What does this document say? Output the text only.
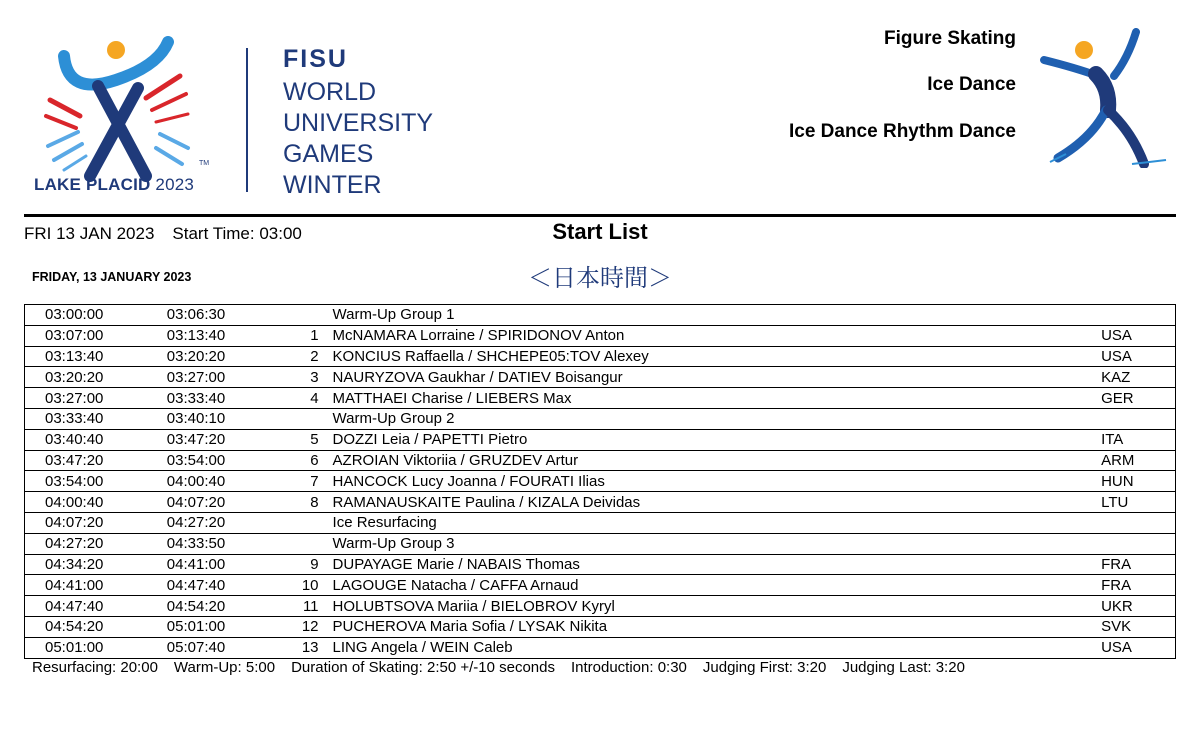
LAKE PLACID 2023
TM
FISU
WORLD
UNIVERSITY
GAMES
WINTER
Figure Skating
Ice Dance
Ice Dance Rhythm Dance
FRI 13 JAN 2023 Start Time: 03:00	Start List
FRIDAY, 13 JANUARY 2023	＜日本時間＞
03:00:00	03:06:30		Warm-Up Group 1	
03:07:00	03:13:40	1	McNAMARA Lorraine / SPIRIDONOV Anton	USA
03:13:40	03:20:20	2	KONCIUS Raffaella / SHCHEPE05:TOV Alexey	USA
03:20:20	03:27:00	3	NAURYZOVA Gaukhar / DATIEV Boisangur	KAZ
03:27:00	03:33:40	4	MATTHAEI Charise / LIEBERS Max	GER
03:33:40	03:40:10		Warm-Up Group 2	
03:40:40	03:47:20	5	DOZZI Leia / PAPETTI Pietro	ITA
03:47:20	03:54:00	6	AZROIAN Viktoriia / GRUZDEV Artur	ARM
03:54:00	04:00:40	7	HANCOCK Lucy Joanna / FOURATI Ilias	HUN
04:00:40	04:07:20	8	RAMANAUSKAITE Paulina / KIZALA Deividas	LTU
04:07:20	04:27:20		Ice Resurfacing	
04:27:20	04:33:50		Warm-Up Group 3	
04:34:20	04:41:00	9	DUPAYAGE Marie / NABAIS Thomas	FRA
04:41:00	04:47:40	10	LAGOUGE Natacha / CAFFA Arnaud	FRA
04:47:40	04:54:20	11	HOLUBTSOVA Mariia / BIELOBROV Kyryl	UKR
04:54:20	05:01:00	12	PUCHEROVA Maria Sofia / LYSAK Nikita	SVK
05:01:00	05:07:40	13	LING Angela / WEIN Caleb	USA
Resurfacing: 20:00 Warm-Up: 5:00 Duration of Skating: 2:50 +/-10 seconds Introduction: 0:30 Judging First: 3:20 Judging Last: 3:20
